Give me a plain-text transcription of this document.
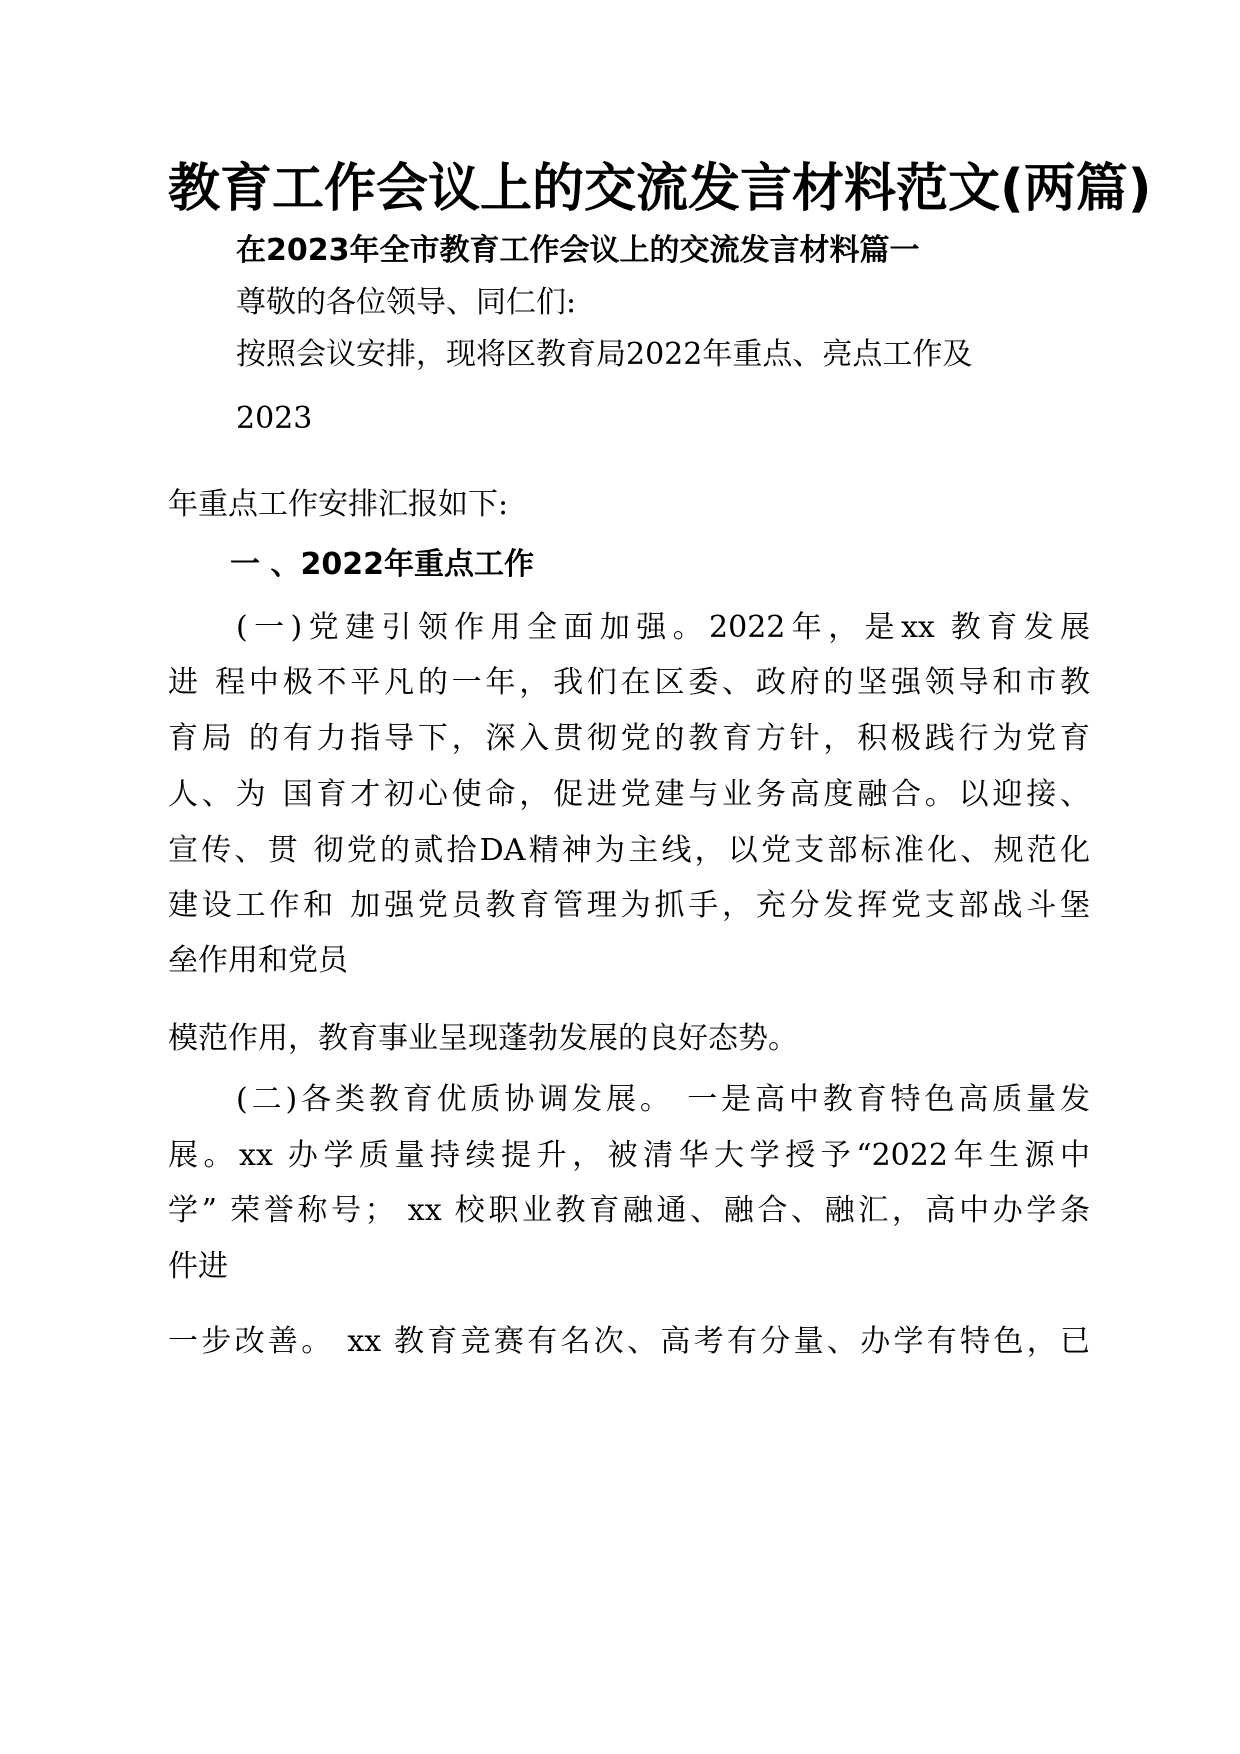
教育工作会议上的交流发言材料范文(两篇)
在2023年全市教育工作会议上的交流发言材料篇一
尊敬的各位领导、同仁们:
按照会议安排，现将区教育局2022年重点、亮点工作及
2023
年重点工作安排汇报如下:
一 、2022年重点工作
(一)党建引领作用全面加强。2022年，是xx 教育发展
进 程中极不平凡的一年，我们在区委、政府的坚强领导和市教
育局 的有力指导下，深入贯彻党的教育方针，积极践行为党育
人、为 国育才初心使命，促进党建与业务高度融合。以迎接、
宣传、贯 彻党的贰拾DA精神为主线，以党支部标准化、规范化
建设工作和 加强党员教育管理为抓手，充分发挥党支部战斗堡
垒作用和党员
模范作用，教育事业呈现蓬勃发展的良好态势。
(二)各类教育优质协调发展。 一是高中教育特色高质量发
展。xx 办学质量持续提升，被清华大学授予“2022年生源中
学” 荣誉称号； xx 校职业教育融通、融合、融汇，高中办学条
件进
一步改善。 xx 教育竞赛有名次、高考有分量、办学有特色，已
